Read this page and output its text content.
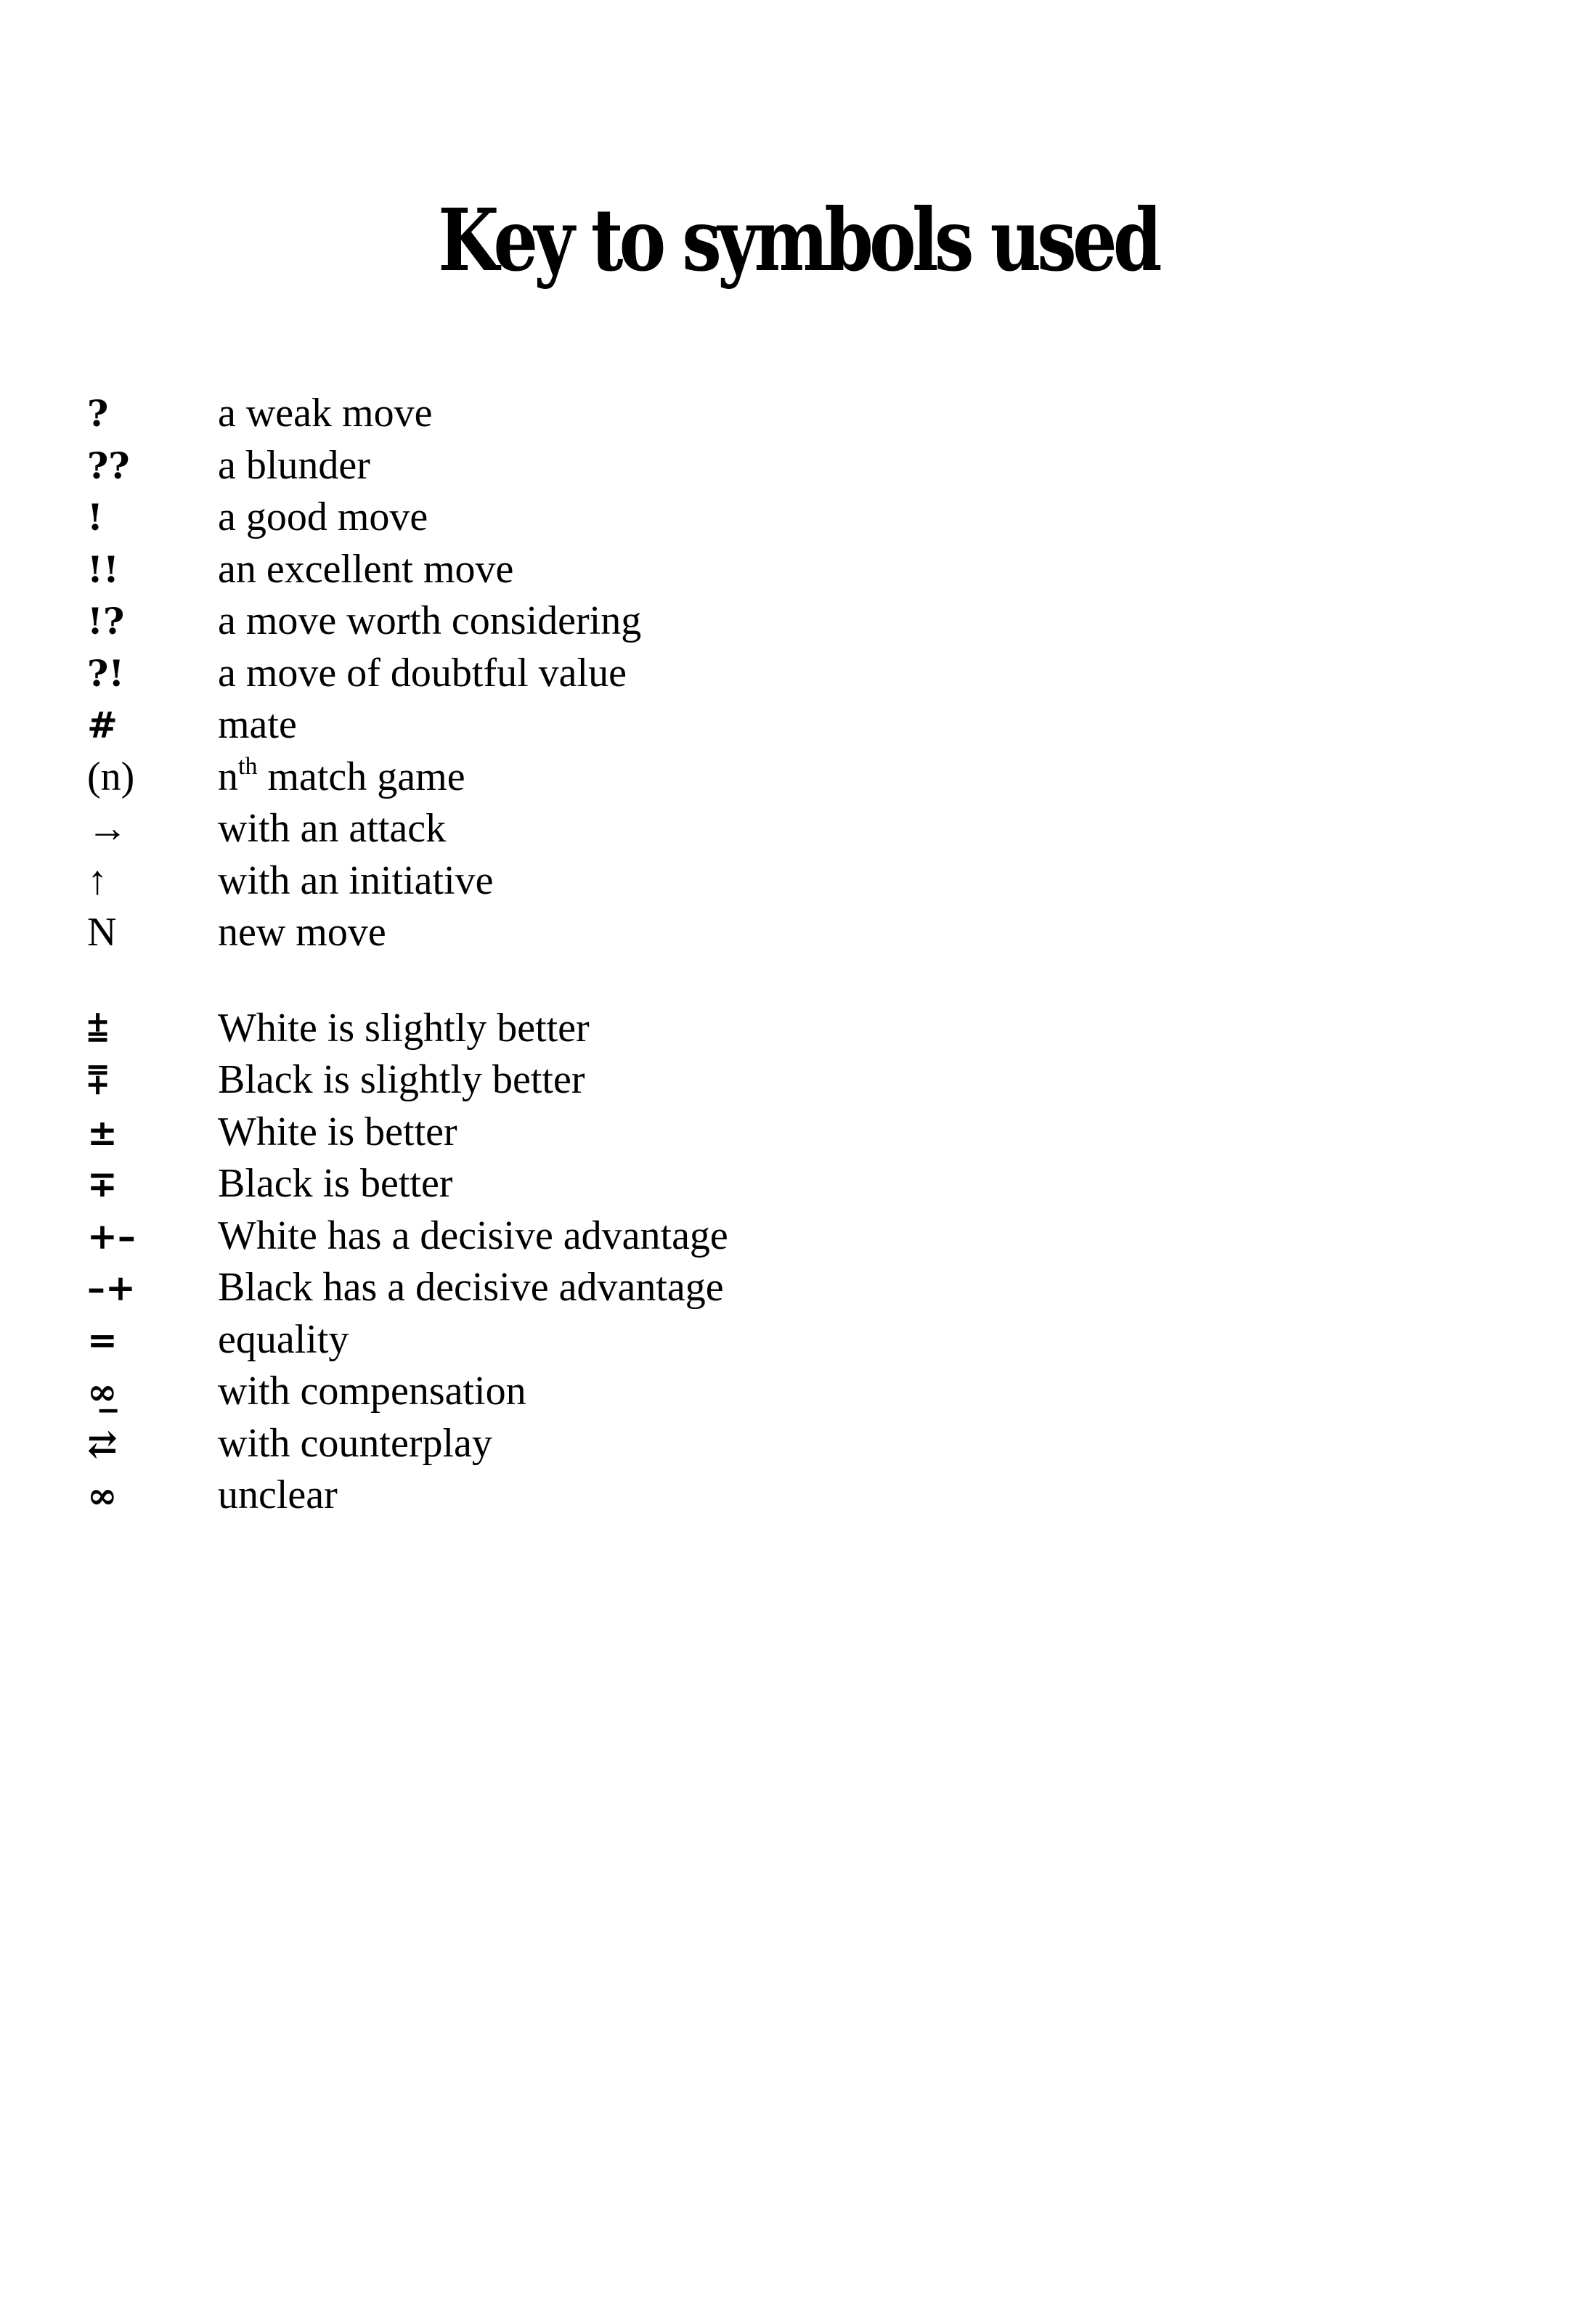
Key to symbols used
?	a weak move
??	a blunder
!	a good move
!!	an excellent move
!?	a move worth considering
?!	a move of doubtful value
#	mate
(n)	$n^{th}$ match game
→	with an attack
↑	with an initiative
N	new move
⩲	White is slightly better
⩱	Black is slightly better
±	White is better
∓	Black is better
+–	White has a decisive advantage
–+	Black has a decisive advantage
=	equality
∞̲	with compensation
⇄	with counterplay
∞	unclear
